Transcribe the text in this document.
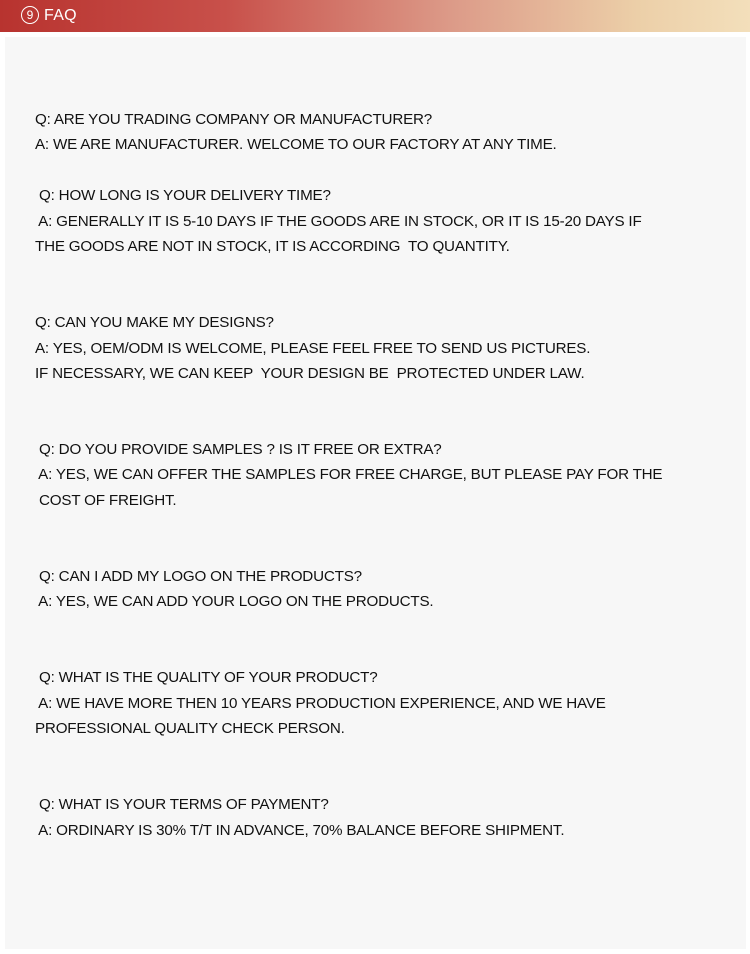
9 FAQ

Q: ARE YOU TRADING COMPANY OR MANUFACTURER?

A: WE ARE MANUFACTURER. WELCOME TO OUR FACTORY AT ANY TIME.

Q: HOW LONG IS YOUR DELIVERY TIME?

A: GENERALLY IT IS 5-10 DAYS IF THE GOODS ARE IN STOCK, OR IT IS 15-20 DAYS IF

THE GOODS ARE NOT IN STOCK, IT IS ACCORDING  TO QUANTITY.

Q: CAN YOU MAKE MY DESIGNS?

A: YES, OEM/ODM IS WELCOME, PLEASE FEEL FREE TO SEND US PICTURES.

IF NECESSARY, WE CAN KEEP  YOUR DESIGN BE  PROTECTED UNDER LAW.

Q: DO YOU PROVIDE SAMPLES ? IS IT FREE OR EXTRA?

A: YES, WE CAN OFFER THE SAMPLES FOR FREE CHARGE, BUT PLEASE PAY FOR THE

COST OF FREIGHT.

Q: CAN I ADD MY LOGO ON THE PRODUCTS?

A: YES, WE CAN ADD YOUR LOGO ON THE PRODUCTS.

Q: WHAT IS THE QUALITY OF YOUR PRODUCT?

A: WE HAVE MORE THEN 10 YEARS PRODUCTION EXPERIENCE, AND WE HAVE

PROFESSIONAL QUALITY CHECK PERSON.

Q: WHAT IS YOUR TERMS OF PAYMENT?

A: ORDINARY IS 30% T/T IN ADVANCE, 70% BALANCE BEFORE SHIPMENT.
